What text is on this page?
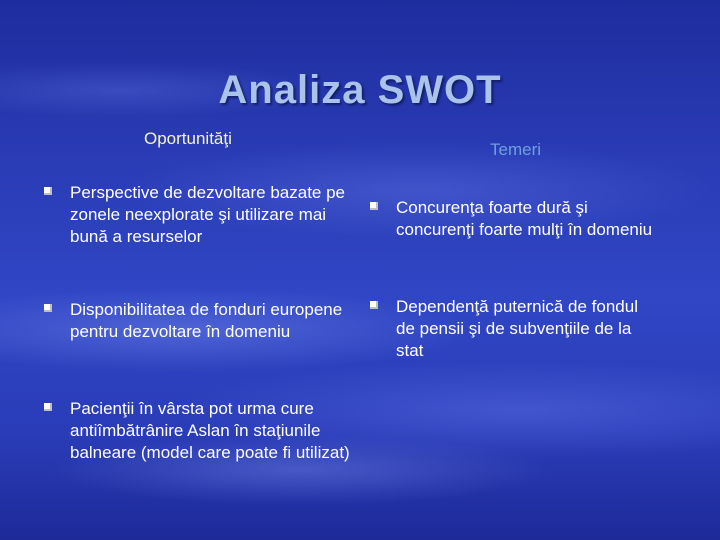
Analiza SWOT
Oportunităţi
Temeri
Perspective de dezvoltare bazate pe zonele neexplorate şi utilizare mai bună a resurselor
Disponibilitatea de fonduri europene pentru dezvoltare în domeniu
Pacienţii în vârsta pot urma cure antiîmbătrânire Aslan în staţiunile balneare (model care poate fi utilizat)
Concurenţa foarte dură şi concurenţi foarte mulţi în domeniu
Dependenţă puternică de fondul de pensii şi de subvenţiile de la stat
